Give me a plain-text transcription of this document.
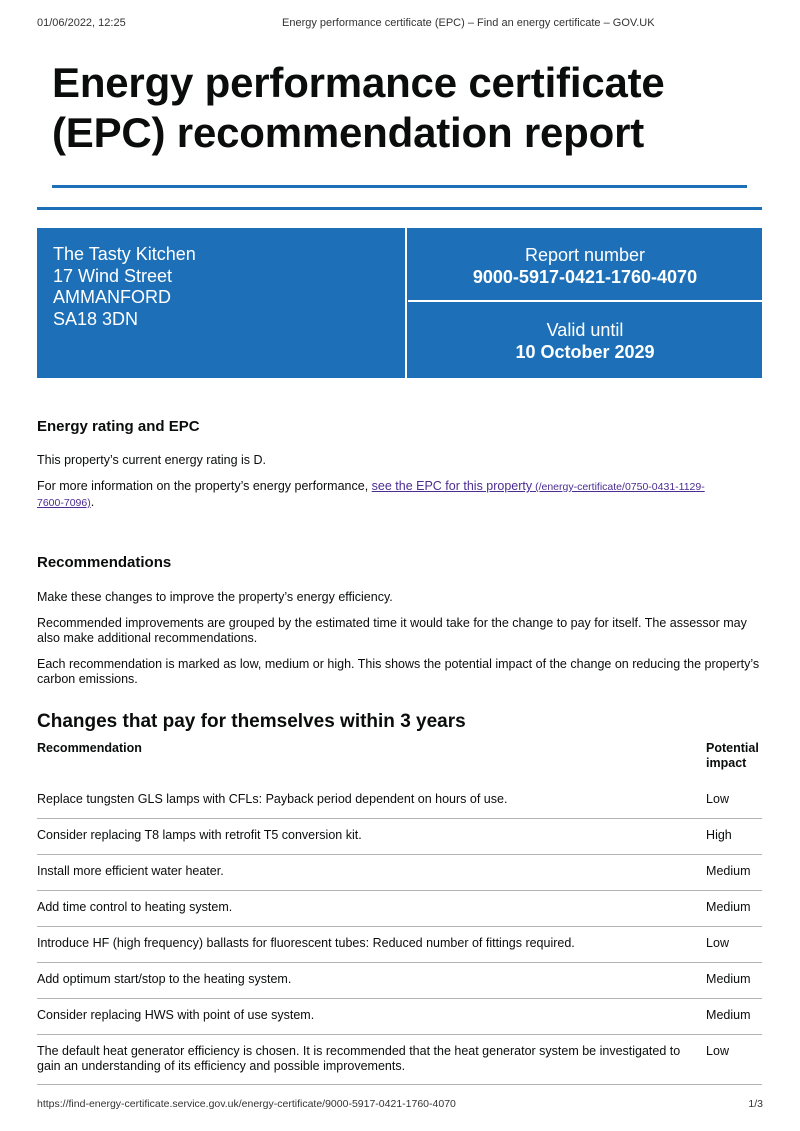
01/06/2022, 12:25	Energy performance certificate (EPC) – Find an energy certificate – GOV.UK
Energy performance certificate
(EPC) recommendation report
The Tasty Kitchen
17 Wind Street
AMMANFORD
SA18 3DN
Report number
9000-5917-0421-1760-4070
Valid until
10 October 2029
Energy rating and EPC

This property’s current energy rating is D.

For more information on the property’s energy performance, see the EPC for this property (/energy-certificate/0750-0431-1129-
7600-7096).

Recommendations

Make these changes to improve the property’s energy efficiency.

Recommended improvements are grouped by the estimated time it would take for the change to pay for itself. The assessor may also make additional recommendations.

Each recommendation is marked as low, medium or high. This shows the potential impact of the change on reducing the property’s carbon emissions.

Changes that pay for themselves within 3 years
Recommendation	Potential
impact
Replace tungsten GLS lamps with CFLs: Payback period dependent on hours of use.	Low
Consider replacing T8 lamps with retrofit T5 conversion kit.	High
Install more efficient water heater.	Medium
Add time control to heating system.	Medium
Introduce HF (high frequency) ballasts for fluorescent tubes: Reduced number of fittings required.	Low
Add optimum start/stop to the heating system.	Medium
Consider replacing HWS with point of use system.	Medium
The default heat generator efficiency is chosen. It is recommended that the heat generator system be investigated to gain an understanding of its efficiency and possible improvements.	Low
https://find-energy-certificate.service.gov.uk/energy-certificate/9000-5917-0421-1760-4070	1/3
